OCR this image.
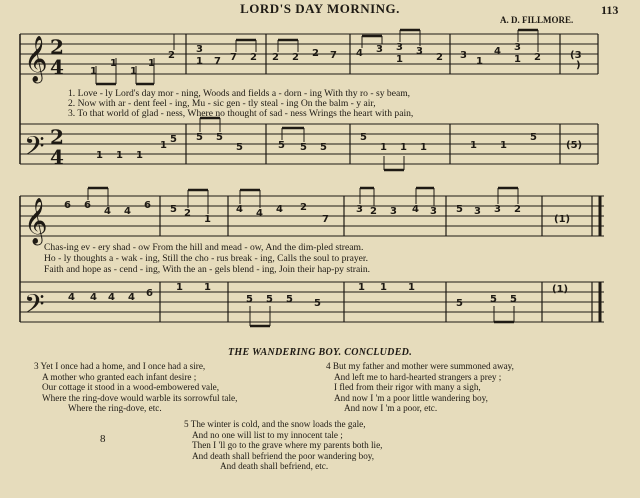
LORD'S DAY MORNING.	113
A. D. FILLMORE.
𝄞
𝄢
𝄞
𝄢
2
4
2
4
1
1
1
1
2
3
1 7 7 2 2 2 2 7 4 3 3
1
3
2 3
1
4 3
1 2	(3
)
1 1 1
1
5 5 5
5	5 5 5
5
1 1 1	1 1
5
(5)
6 6
4 4
6 5 2
1
4 4 4 2
7
3 2 3 4 3 5 3 3 2
(1)
4 4 4 4 6
1 1
5 5 5 5
1 1 1
5	5 5
(1)
1. Love - ly Lord's day mor - ning, Woods and fields a - dorn - ing With thy ro - sy beam,
2. Now with ar - dent feel - ing, Mu - sic gen - tly steal - ing On the balm - y air,
3. To that world of glad - ness, Where no thought of sad - ness Wrings the heart with pain,
Chas-ing ev - ery shad - ow From the hill and mead - ow, And the dim-pled stream.
Ho - ly thoughts a - wak - ing, Still the cho - rus break - ing, Calls the soul to prayer.
Faith and hope as - cend - ing, With the an - gels blend - ing, Join their hap-py strain.
THE WANDERING BOY. CONCLUDED.
3 Yet I once had a home, and I once had a sire,
A mother who granted each infant desire ;
Our cottage it stood in a wood-embowered vale,
Where the ring-dove would warble its sorrowful tale,
Where the ring-dove, etc.
4 But my father and mother were summoned away,
And left me to hard-hearted strangers a prey ;
I fled from their rigor with many a sigh,
And now I 'm a poor little wandering boy,
And now I 'm a poor, etc.
5 The winter is cold, and the snow loads the gale,
And no one will list to my innocent tale ;
Then I 'll go to the grave where my parents both lie,
And death shall befriend the poor wandering boy,
And death shall befriend, etc.
8
